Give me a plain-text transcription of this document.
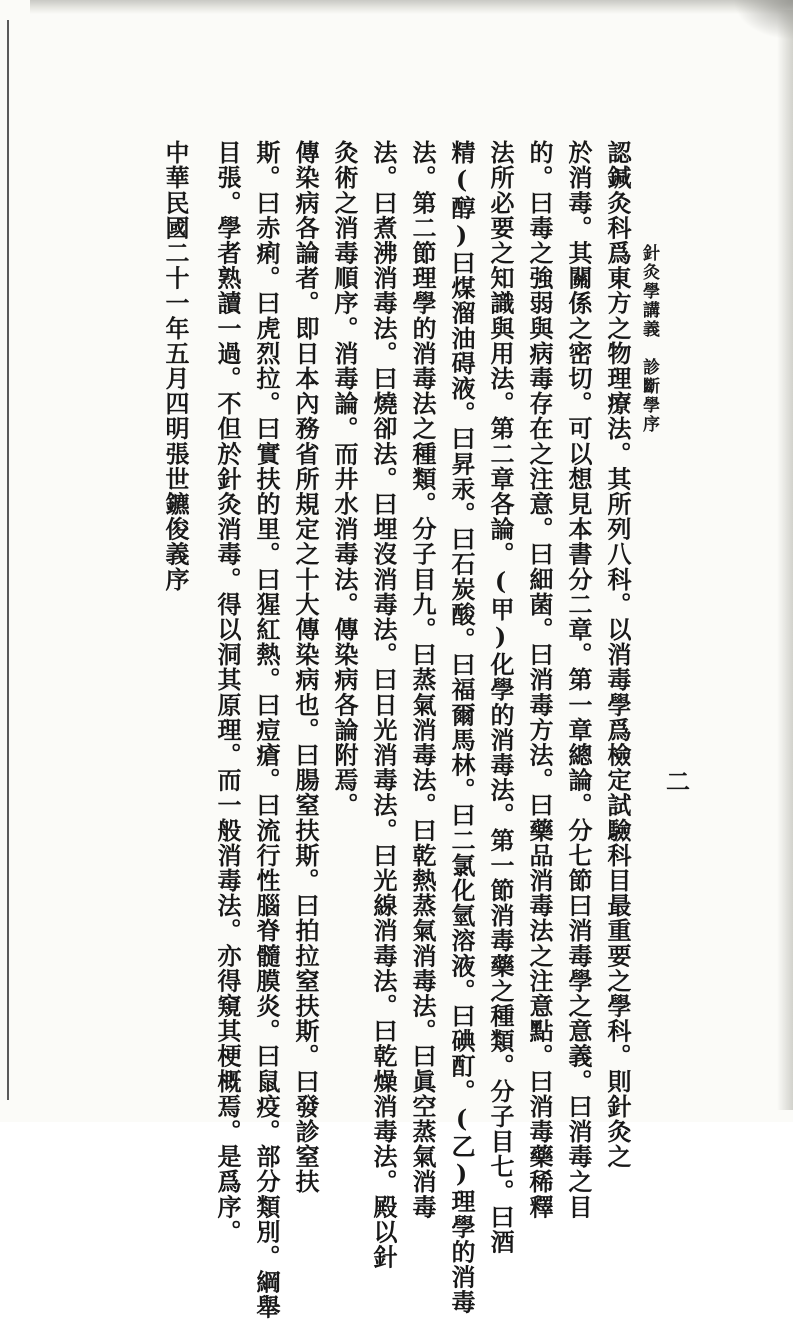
針灸學講義　診斷學序
二
認鍼灸科爲東方之物理療法。其所列八科。以消毒學爲檢定試驗科目最重要之學科。則針灸之
於消毒。其關係之密切。可以想見本書分二章。第一章總論。分七節曰消毒學之意義。曰消毒之目
的。曰毒之強弱與病毒存在之注意。曰細菌。曰消毒方法。曰藥品消毒法之注意點。曰消毒藥稀釋
法所必要之知識與用法。第二章各論。(甲)化學的消毒法。第一節消毒藥之種類。分子目七。曰酒
精(醇)曰煤溜油碍液。曰昇汞。曰石炭酸。曰福爾馬林。曰二氯化氫溶液。曰碘酊。(乙)理學的消毒
法。第二節理學的消毒法之種類。分子目九。曰蒸氣消毒法。曰乾熱蒸氣消毒法。曰眞空蒸氣消毒
法。曰煮沸消毒法。曰燒卻法。曰埋沒消毒法。曰日光消毒法。曰光線消毒法。曰乾燥消毒法。殿以針
灸術之消毒順序。消毒論。而井水消毒法。傳染病各論附焉。
傳染病各論者。即日本內務省所規定之十大傳染病也。曰腸窒扶斯。曰拍拉窒扶斯。曰發診窒扶
斯。曰赤痢。曰虎烈拉。曰實扶的里。曰猩紅熱。曰痘瘡。曰流行性腦脊髓膜炎。曰鼠疫。部分類別。綱舉
目張。學者熟讀一過。不但於針灸消毒。得以洞其原理。而一般消毒法。亦得窺其梗概焉。是爲序。
中華民國二十一年五月四明張世鑣俊義序
